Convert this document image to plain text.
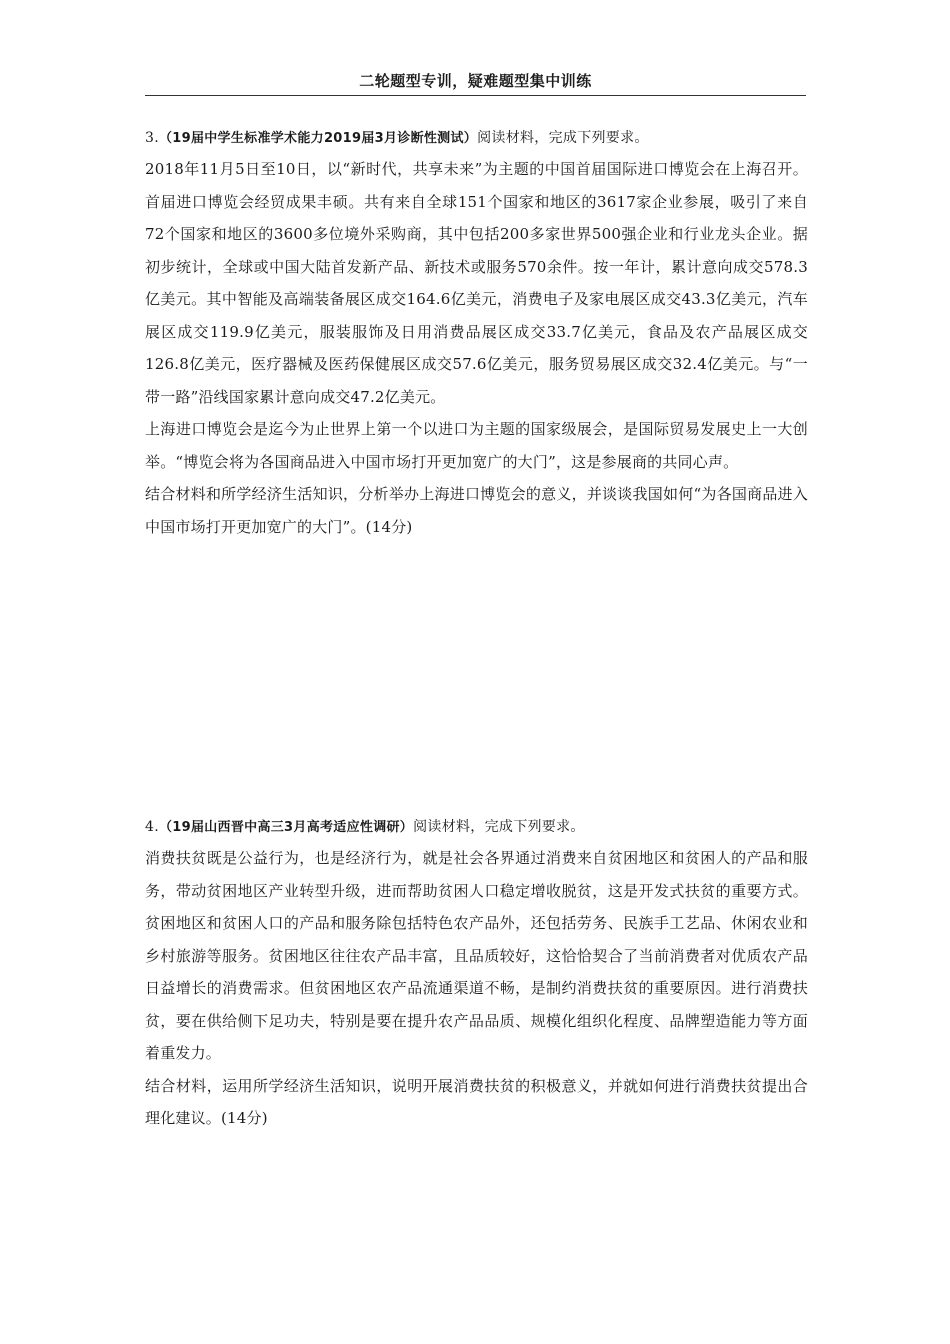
二轮题型专训，疑难题型集中训练
3.（19届中学生标准学术能力2019届3月诊断性测试）阅读材料，完成下列要求。

2018年11月5日至10日，以“新时代，共享未来”为主题的中国首届国际进口博览会在上海召开。首届进口博览会经贸成果丰硕。共有来自全球151个国家和地区的3617家企业参展，吸引了来自72个国家和地区的3600多位境外采购商，其中包括200多家世界500强企业和行业龙头企业。据初步统计，全球或中国大陆首发新产品、新技术或服务570余件。按一年计，累计意向成交578.3亿美元。其中智能及高端装备展区成交164.6亿美元，消费电子及家电展区成交43.3亿美元，汽车展区成交119.9亿美元，服装服饰及日用消费品展区成交33.7亿美元，食品及农产品展区成交126.8亿美元，医疗器械及医药保健展区成交57.6亿美元，服务贸易展区成交32.4亿美元。与“一带一路”沿线国家累计意向成交47.2亿美元。

上海进口博览会是迄今为止世界上第一个以进口为主题的国家级展会，是国际贸易发展史上一大创举。“博览会将为各国商品进入中国市场打开更加宽广的大门”，这是参展商的共同心声。

结合材料和所学经济生活知识，分析举办上海进口博览会的意义，并谈谈我国如何“为各国商品进入中国市场打开更加宽广的大门”。(14分)

4.（19届山西晋中高三3月高考适应性调研）阅读材料，完成下列要求。

消费扶贫既是公益行为，也是经济行为，就是社会各界通过消费来自贫困地区和贫困人的产品和服务，带动贫困地区产业转型升级，进而帮助贫困人口稳定增收脱贫，这是开发式扶贫的重要方式。贫困地区和贫困人口的产品和服务除包括特色农产品外，还包括劳务、民族手工艺品、休闲农业和乡村旅游等服务。贫困地区往往农产品丰富，且品质较好，这恰恰契合了当前消费者对优质农产品日益增长的消费需求。但贫困地区农产品流通渠道不畅，是制约消费扶贫的重要原因。进行消费扶贫，要在供给侧下足功夫，特别是要在提升农产品品质、规模化组织化程度、品牌塑造能力等方面着重发力。

结合材料，运用所学经济生活知识，说明开展消费扶贫的积极意义，并就如何进行消费扶贫提出合理化建议。(14分)
